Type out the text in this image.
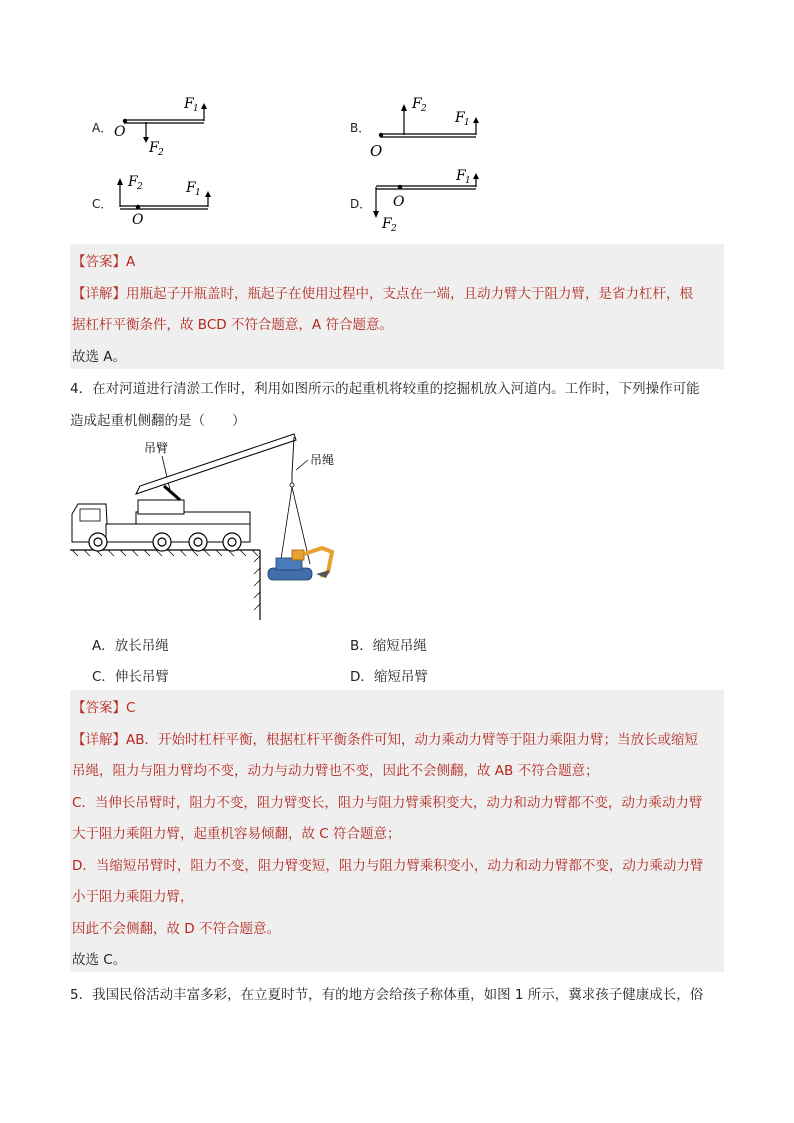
A． O
F 1
F 2
B．
O
F 2
F 1
C．
F 2	F 1
O
D．
F 1
O
F 2
【答案】A
【详解】用瓶起子开瓶盖时，瓶起子在使用过程中，支点在一端，且动力臂大于阻力臂，是省力杠杆，根
据杠杆平衡条件，故 BCD 不符合题意，A 符合题意。
故选 A。
4．在对河道进行清淤工作时，利用如图所示的起重机将较重的挖掘机放入河道内。工作时，下列操作可能
造成起重机侧翻的是（　　）
吊臂
吊绳
A．放长吊绳	B．缩短吊绳
C．伸长吊臂	D．缩短吊臂
【答案】C
【详解】AB．开始时杠杆平衡，根据杠杆平衡条件可知，动力乘动力臂等于阻力乘阻力臂；当放长或缩短
吊绳，阻力与阻力臂均不变，动力与动力臂也不变，因此不会侧翻，故 AB 不符合题意；
C．当伸长吊臂时，阻力不变，阻力臂变长，阻力与阻力臂乘积变大，动力和动力臂都不变，动力乘动力臂
大于阻力乘阻力臂，起重机容易倾翻，故 C 符合题意；
D．当缩短吊臂时，阻力不变，阻力臂变短，阻力与阻力臂乘积变小，动力和动力臂都不变，动力乘动力臂
小于阻力乘阻力臂，
因此不会侧翻，故 D 不符合题意。
故选 C。
5．我国民俗活动丰富多彩，在立夏时节，有的地方会给孩子称体重，如图 1 所示，冀求孩子健康成长，俗
